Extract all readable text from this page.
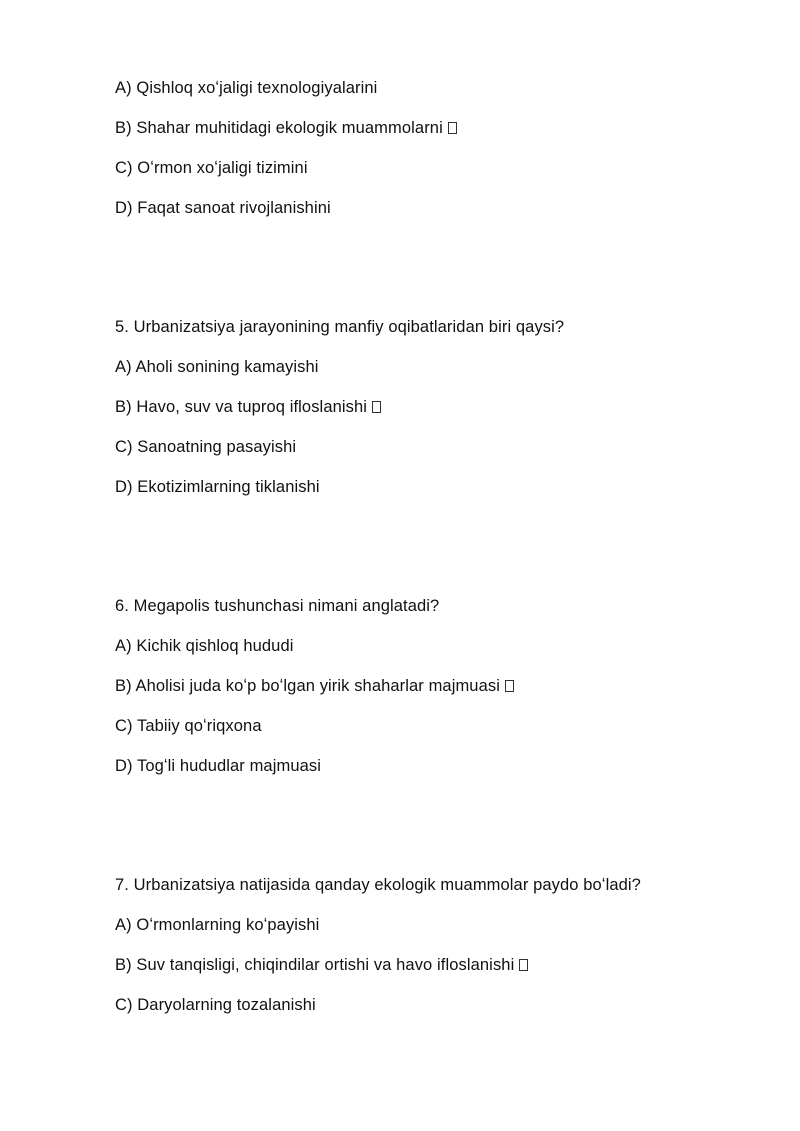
A) Qishloq xoʻjaligi texnologiyalarini
B) Shahar muhitidagi ekologik muammolarni
C) Oʻrmon xoʻjaligi tizimini
D) Faqat sanoat rivojlanishini
5. Urbanizatsiya jarayonining manfiy oqibatlaridan biri qaysi?
A) Aholi sonining kamayishi
B) Havo, suv va tuproq ifloslanishi
C) Sanoatning pasayishi
D) Ekotizimlarning tiklanishi
6. Megapolis tushunchasi nimani anglatadi?
A) Kichik qishloq hududi
B) Aholisi juda koʻp boʻlgan yirik shaharlar majmuasi
C) Tabiiy qoʻriqxona
D) Togʻli hududlar majmuasi
7. Urbanizatsiya natijasida qanday ekologik muammolar paydo boʻladi?
A) Oʻrmonlarning koʻpayishi
B) Suv tanqisligi, chiqindilar ortishi va havo ifloslanishi
C) Daryolarning tozalanishi
